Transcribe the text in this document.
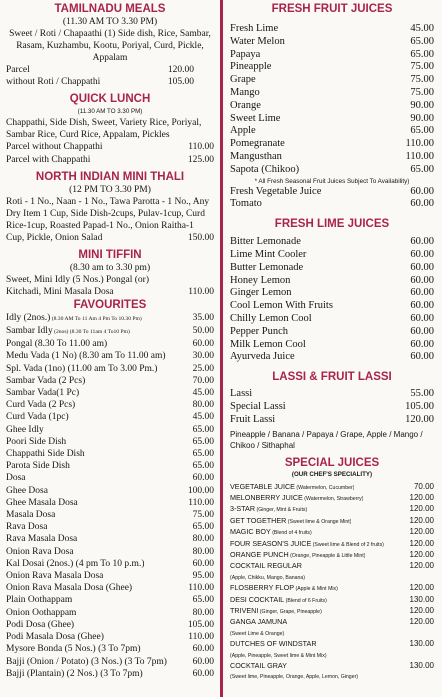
TAMILNADU MEALS
(11.30 AM TO 3.30 PM)
Sweet / Roti / Chapaathi (1) Side dish, Rice, Sambar, Rasam, Kuzhambu, Kootu, Poriyal, Curd, Pickle, Appalam
Parcel	120.00
without Roti / Chappathi	105.00
QUICK LUNCH
(11.30 AM TO 3.30 PM)
Chappathi, Side Dish, Sweet, Variety Rice, Poriyal, Sambar Rice, Curd Rice, Appalam, Pickles
Parcel without Chappathi	110.00
Parcel with Chappathi	125.00
NORTH INDIAN MINI THALI
(12 PM TO 3.30 PM)
Roti - 1 No., Naan - 1 No., Tawa Parotta - 1 No., Any Dry Item 1 Cup, Side Dish-2cups, Pulav-1cup, Curd Rice-1cup, Roasted Papad-1 No., Onion Raitha-1 Cup, Pickle, Onion Salad	150.00
MINI TIFFIN
(8.30 am to 3.30 pm)
Sweet, Mini Idly (5 Nos.) Pongal (or) Kitchadi, Mini Masala Dosa	110.00
FAVOURITES
Idly (2nos.) (8.30 AM To 11 Am 4 Pm To 10.30 Pm)	35.00
Sambar Idly (2nos) (8.30 To 11am 4 To10 Pm)	50.00
Pongal (8.30 To 11.00 am)	60.00
Medu Vada (1 No) (8.30 am To 11.00 am)	30.00
Spl. Vada (1no) (11.00 am To 3.00 Pm.)	25.00
Sambar Vada (2 Pcs)	70.00
Sambar Vada(1 Pc)	45.00
Curd Vada (2 Pcs)	80.00
Curd Vada (1pc)	45.00
Ghee Idly	65.00
Poori Side Dish	65.00
Chappathi Side Dish	65.00
Parota Side Dish	65.00
Dosa	60.00
Ghee Dosa	100.00
Ghee Masala Dosa	110.00
Masala Dosa	75.00
Rava Dosa	65.00
Rava Masala Dosa	80.00
Onion Rava Dosa	80.00
Kal Dosai (2nos.) (4 pm To 10 p.m.)	60.00
Onion Rava Masala Dosa	95.00
Onion Rava Masala Dosa (Ghee)	110.00
Plain Oothappam	65.00
Onion Oothappam	80.00
Podi Dosa (Ghee)	105.00
Podi Masala Dosa (Ghee)	110.00
Mysore Bonda (5 Nos.) (3 To 7pm)	60.00
Bajji (Onion / Potato) (3 Nos.) (3 To 7pm)	60.00
Bajji (Plantain) (2 Nos.) (3 To 7pm)	60.00
FRESH FRUIT JUICES
Fresh Lime	45.00
Water Melon	65.00
Papaya	65.00
Pineapple	75.00
Grape	75.00
Mango	75.00
Orange	90.00
Sweet Lime	90.00
Apple	65.00
Pomegranate	110.00
Mangusthan	110.00
Sapota (Chikoo)	65.00
* All Fresh Seasonal Fruit Juices Subject To Availability)
Fresh Vegetable Juice	60.00
Tomato	60.00
FRESH LIME JUICES
Bitter Lemonade	60.00
Lime Mint Cooler	60.00
Butter Lemonade	60.00
Honey Lemon	60.00
Ginger Lemon	60.00
Cool Lemon With Fruits	60.00
Chilly Lemon Cool	60.00
Pepper Punch	60.00
Milk Lemon Cool	60.00
Ayurveda Juice	60.00
LASSI & FRUIT LASSI
Lassi	55.00
Special Lassi	105.00
Fruit Lassi	120.00
Pineapple / Banana / Papaya / Grape, Apple / Mango / Chikoo / Sithaphal
SPECIAL JUICES
(OUR CHEF'S SPECIALITY)
VEGETABLE JUICE (Watermelon, Cucumber)	70.00
MELONBERRY JUICE (Watermelon, Strawberry)	120.00
3-STAR (Ginger, Mint & Fruits)	120.00
GET TOGETHER (Sweet lime & Orange Mint)	120.00
MAGIC BOY (Blend of 4 fruits)	120.00
FOUR SEASON'S JUICE (Sweet lime & Blend of 2 fruits)	120.00
ORANGE PUNCH (Orange, Pineapple & Little Mint)	120.00
COCKTAIL REGULAR	120.00
(Apple, Chikku, Mango, Banana)
FLOSBERRY FLOP (Apple & Mint Mix)	120.00
DESI COCKTAIL (Blend of 6 Fruits)	130.00
TRIVENI (Ginger, Grape, Pineapple)	120.00
GANGA JAMUNA	120.00
(Sweet Lime & Orange)
DUTCHES OF WINDSTAR	130.00
(Apple, Pineapple, Sweet lime & Mint Mix)
COCKTAIL GRAY	130.00
(Sweet lime, Pineapple, Orange, Apple, Lemon, Ginger)
